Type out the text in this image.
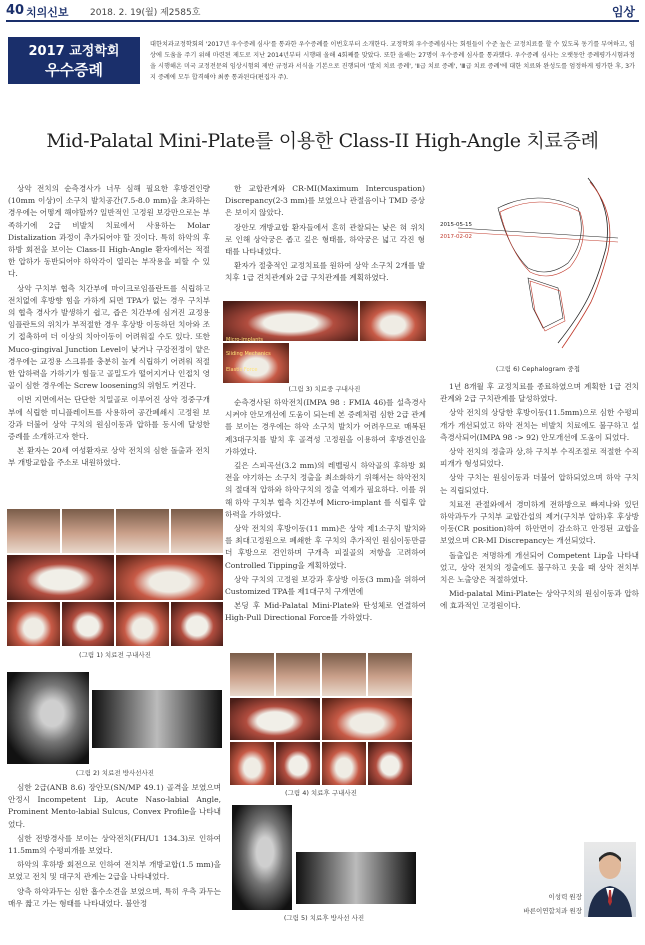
40 치의신보 2018. 2. 19(월) 제2585호	임상
2017 교정학회
우수증례
대한치과교정학회의 '2017년 우수증례 심사'를 통과한 우수증례를 이번호부터 소개한다. 교정학회 우수증례심사는 회원들이 수준 높은 교정치료를 할 수 있도록 동기를 부여하고, 임상에 도움을 주기 위해 마련된 제도로 지난 2014년부터 시행돼 올해 4회째를 맞았다. 또한 올해는 27명이 우수증례 심사를 통과했다. 우수증례 심사는 오랫동안 증례평가시험과정을 시행해온 미국 교정전문의 임상시험의 제반 규정과 서식을 기본으로 진행되며 '발치 치료 증례', 'Ⅱ급 치료 증례', 'Ⅲ급 치료 증례'에 대한 치료와 완성도를 엄정하게 평가한 후, 3가지 증례에 모두 합격해야 최종 통과된다(편집자 주).
Mid-Palatal Mini-Plate를 이용한 Class-II High-Angle 치료증례

상악 전치의 순측경사가 너무 심해 필요한 후방견인량(10mm 이상)이 소구치 발치공간(7.5-8.0 mm)을 초과하는 경우에는 어떻게 해야할까? 일반적인 고정원 보강만으로는 부족하기에 2급 비발치 치료에서 사용하는 Molar Distalization 과정이 추가되어야 할 것이다. 특히 하악의 후하방 회전을 보이는 Class-II High-Angle 환자에서는 적절한 압하가 동반되어야 하악각이 열리는 부작용을 피할 수 있다.

상악 구치부 협측 치간부에 마이크로임플란트를 식립하고 전치없에 후방향 힘을 가하게 되면 TPA가 없는 경우 구치부의 협측 경사가 발생하기 쉽고, 즙은 치간부에 심겨진 교정용 임플란트의 위치가 부적절한 경우 후상방 이동하던 치아와 조기 접촉하여 더 이상의 치아이동이 어려워질 수도 있다. 또한 Muco-gingival Junction Level이 낮거나 구강전정이 얕은 경우에는 교정용 스크류를 충분히 높게 식립하기 어려워 적절한 압하력을 가하기가 힘들고 골밀도가 떨어지거나 인접치 영골이 심한 경우에는 Screw loosening의 위험도 커진다.

이번 지면에서는 단단한 치밀골로 이루어진 상악 정중구개부에 식립한 미니플레이트를 사용하여 공간폐쇄시 고정원 보강과 더불어 상악 구치의 원심이동과 압하를 동시에 달성한 증례를 소개하고자 한다.

본 환자는 20세 여성환자로 상악 전치의 심한 돌출과 전치부 개방교합을 주소로 내원하였다.

(그림 1) 치료전 구내사진
(그림 2) 치료전 방사선사진

심한 2급(ANB 8.6) 장안모(SN/MP 49.1) 골격을 보였으며 안정시 Incompetent Lip, Acute Naso-labial Angle, Prominent Mento-labial Sulcus, Convex Profile을 나타내었다.

심한 전방경사를 보이는 상악전치(FH/U1 134.3)로 인하여 11.5mm의 수평피개를 보였다.

하악의 후하방 회전으로 인하여 전치부 개방교합(1.5 mm)을 보였고 전치 및 대구치 관계는 2급을 나타내었다.

양측 하악과두는 심한 흡수소견을 보였으며, 특히 우측 과두는 매우 짧고 가는 형태를 나타내었다. 불안정

한 교합관계와 CR-MI(Maximum Intercuspation) Discrepancy(2-3 mm)를 보였으나 관절음이나 TMD 증상은 보이지 않았다.

장안모 개방교합 환자들에서 흔히 관찰되는 낮은 혀 위치로 인해 상악궁은 좁고 깊은 형태를, 하악궁은 넓고 각진 형태를 나타내었다.

환자가 절충적인 교정치료를 원하여 상악 소구치 2개를 발치후 1급 견치관계와 2급 구치관계를 계획하였다.

Micro-implants
Sliding Mechanics
Elastic Force
(그림 3) 치료중 구내사진

순측경사된 하악전치(IMPA 98 : FMIA 46)를 설측경사 시켜야 안모개선에 도움이 되는데 본 증례처럼 심한 2급 관계를 보이는 경우에는 하악 소구치 발치가 어려우므로 매복된 제3대구치를 발치 후 골격성 고정원을 이용하여 후방견인을 가하였다.

깊은 스피곡선(3.2 mm)의 레벨링시 하악골의 후하방 회전을 야기하는 소구치 정출을 최소화하기 위해서는 하악전치의 절대적 압하와 하악구치의 정출 억제가 필요하다. 이를 위해 하악 구치부 협측 치간부에 Micro-implant 를 식립후 압하력을 가하였다.

상악 전치의 후방이동(11 mm)은 상악 제1소구치 발치와를 최대고정원으로 폐쇄한 후 구치의 추가적인 원심이동만큼 더 후방으로 견인하며 구개측 피질골의 저항을 고려하여 Controlled Tipping을 계획하였다.

상악 구치의 고정원 보강과 후상방 이동(3 mm)을 위하여 Customized TPA를 제1대구치 구개면에

본딩 후 Mid-Palatal Mini-Plate와 탄성체로 연결하여 High-Pull Directional Force를 가하였다.

(그림 4) 치료후 구내사진
(그림 5) 치료후 방사선 사진
2015-05-15
2017-02-02
(그림 6) Cephalogram 중첩

1년 8개월 후 교정치료를 종료하였으며 계획한 1급 견치관계와 2급 구치관계를 달성하였다.

상악 전치의 상당한 후방이동(11.5mm)으로 심한 수평피개가 개선되었고 하악 전치는 비발치 치료에도 불구하고 설측경사되어(IMPA 98 -> 92) 안모개선에 도움이 되었다.

상악 전치의 정출과 상,하 구치부 수직조절로 적절한 수직피개가 형성되었다.

상악 구치는 원심이동과 더불어 압하되었으며 하악 구치는 직립되었다.

치료전 관절와에서 경미하게 전하방으로 빠져나와 있던 하악과두가 구치부 교합간섭의 제거(구치부 압하)후 후상방 이동(CR position)하여 하안면이 감소하고 안정된 교합을 보였으며 CR-MI Discrepancy는 개선되었다.

돌출입은 저명하게 개선되어 Competent Lip을 나타내었고, 상악 전치의 정출에도 불구하고 웃을 때 상악 전치부 치은 노출양은 적절하였다.

Mid-palatal Mini-Plate는 상악구치의 원심이동과 압하에 효과적인 고정원이다.

이성력 원장
바른이연합치과 원장
